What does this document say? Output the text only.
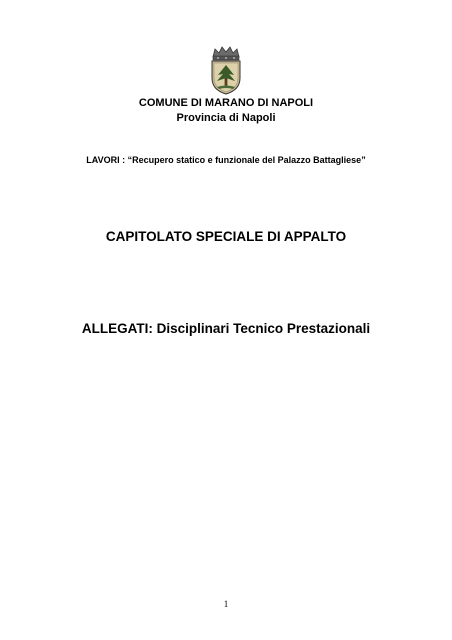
COMUNE DI MARANO DI NAPOLI
Provincia di Napoli
LAVORI : “Recupero statico e funzionale del Palazzo Battagliese”
CAPITOLATO SPECIALE DI APPALTO
ALLEGATI: Disciplinari Tecnico Prestazionali
1
